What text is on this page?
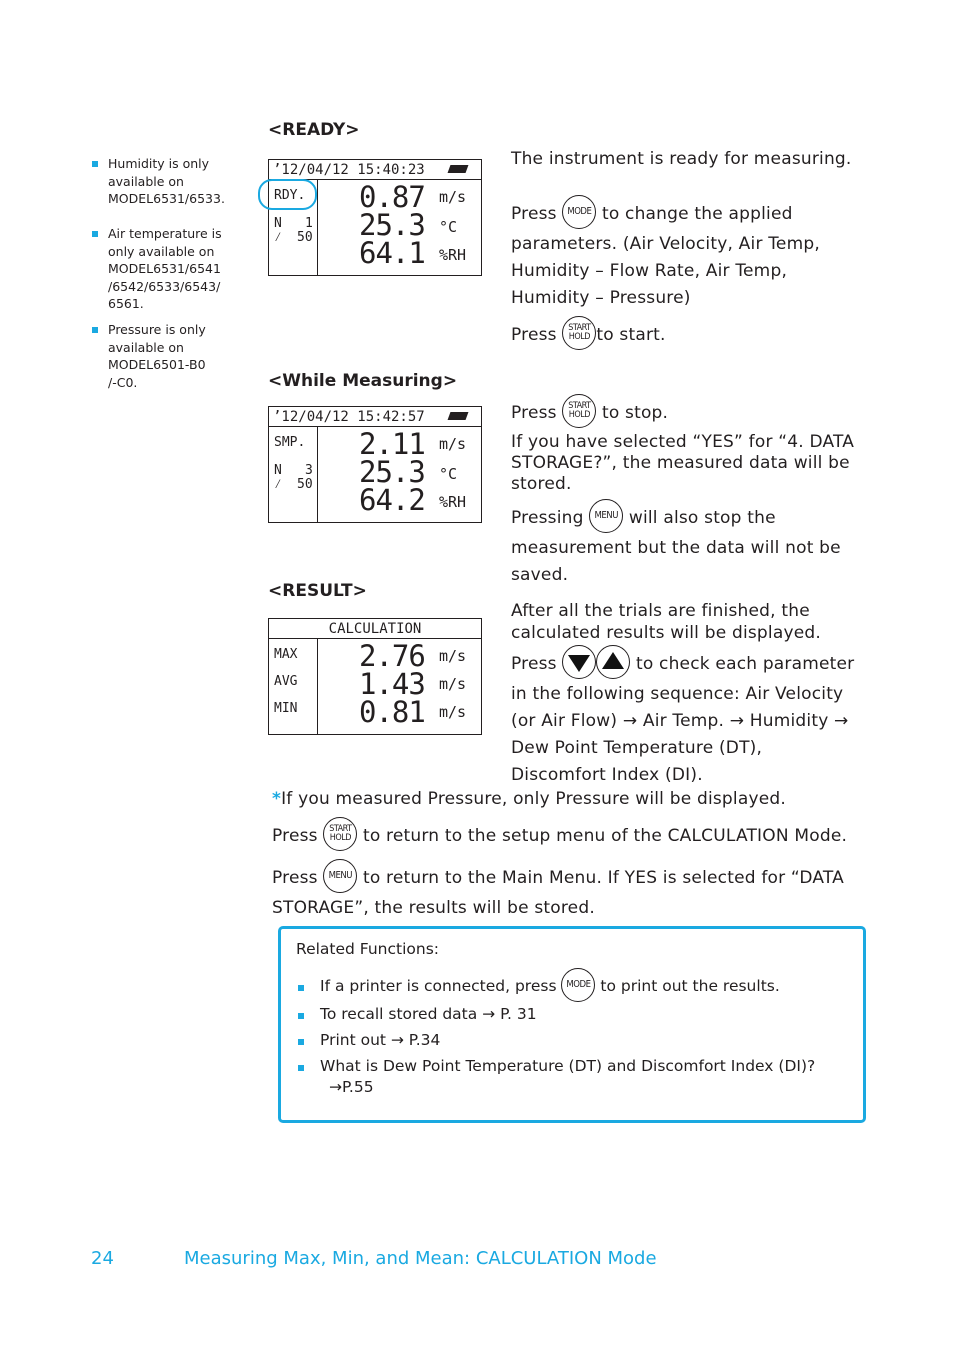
Humidity is only
available on
MODEL6531/6533.
Air temperature is
only available on
MODEL6531/6541
/6542/6533/6543/
6561.
Pressure is only
available on
MODEL6501-B0
/-C0.
<READY>
’12/04/12 15:40:23
RDY.
N 1
⁄ 50
0.87 m/s
25.3 °C
64.1 %RH
The instrument is ready for measuring.
Press MODE to change the applied
parameters. (Air Velocity, Air Temp,
Humidity – Flow Rate, Air Temp,
Humidity – Pressure)
Press START
HOLD to start.
<While Measuring>
’12/04/12 15:42:57
SMP.
N 3
⁄ 50
2.11 m/s
25.3 °C
64.2 %RH
Press START
HOLD to stop.
If you have selected “YES” for “4. DATA
STORAGE?”, the measured data will be
stored.
Pressing MENU will also stop the
measurement but the data will not be
saved.
<RESULT>
CALCULATION
MAX
AVG
MIN
2.76 m/s
1.43 m/s
0.81 m/s
After all the trials are finished, the
calculated results will be displayed.
Press	to check each parameter
in the following sequence: Air Velocity
(or Air Flow) → Air Temp. → Humidity →
Dew Point Temperature (DT),
Discomfort Index (DI).
*If you measured Pressure, only Pressure will be displayed.
Press START
HOLD to return to the setup menu of the CALCULATION Mode.
Press MENU to return to the Main Menu. If YES is selected for “DATA
STORAGE”, the results will be stored.
Related Functions:
If a printer is connected, press MODE to print out the results.
To recall stored data → P. 31
Print out → P.34
What is Dew Point Temperature (DT) and Discomfort Index (DI)?
→P.55
24	Measuring Max, Min, and Mean: CALCULATION Mode
